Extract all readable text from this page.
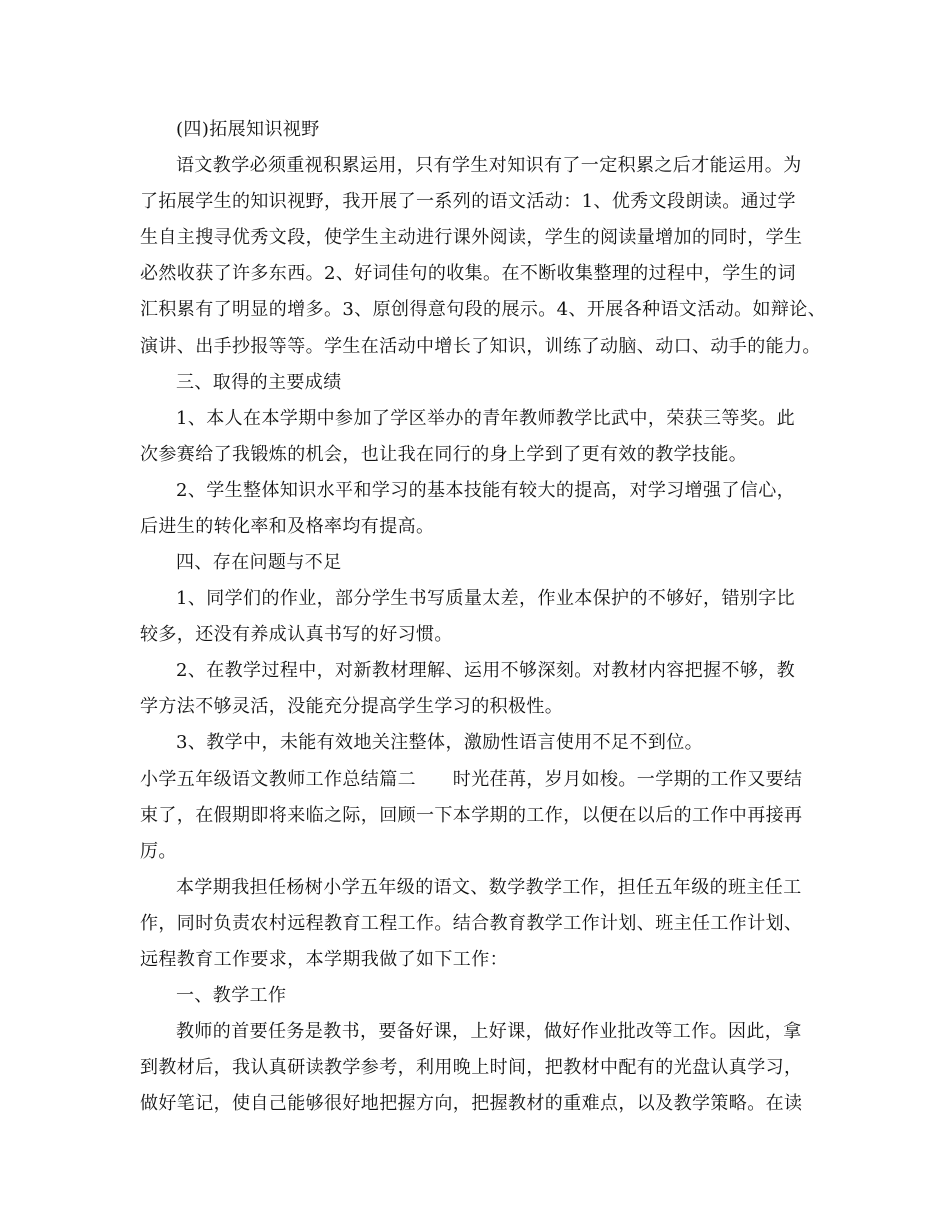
(四)拓展知识视野
语文教学必须重视积累运用，只有学生对知识有了一定积累之后才能运用。为
了拓展学生的知识视野，我开展了一系列的语文活动：1、优秀文段朗读。通过学
生自主搜寻优秀文段，使学生主动进行课外阅读，学生的阅读量增加的同时，学生
必然收获了许多东西。2、好词佳句的收集。在不断收集整理的过程中，学生的词
汇积累有了明显的增多。3、原创得意句段的展示。4、开展各种语文活动。如辩论、
演讲、出手抄报等等。学生在活动中增长了知识，训练了动脑、动口、动手的能力。
三、取得的主要成绩
1、本人在本学期中参加了学区举办的青年教师教学比武中，荣获三等奖。此
次参赛给了我锻炼的机会，也让我在同行的身上学到了更有效的教学技能。
2、学生整体知识水平和学习的基本技能有较大的提高，对学习增强了信心，
后进生的转化率和及格率均有提高。
四、存在问题与不足
1、同学们的作业，部分学生书写质量太差，作业本保护的不够好，错别字比
较多，还没有养成认真书写的好习惯。
2、在教学过程中，对新教材理解、运用不够深刻。对教材内容把握不够，教
学方法不够灵活，没能充分提高学生学习的积极性。
3、教学中，未能有效地关注整体，激励性语言使用不足不到位。
小学五年级语文教师工作总结篇二　　时光荏苒，岁月如梭。一学期的工作又要结
束了，在假期即将来临之际，回顾一下本学期的工作，以便在以后的工作中再接再
厉。
本学期我担任杨树小学五年级的语文、数学教学工作，担任五年级的班主任工
作，同时负责农村远程教育工程工作。结合教育教学工作计划、班主任工作计划、
远程教育工作要求，本学期我做了如下工作：
一、教学工作
教师的首要任务是教书，要备好课，上好课，做好作业批改等工作。因此，拿
到教材后，我认真研读教学参考，利用晚上时间，把教材中配有的光盘认真学习，
做好笔记，使自己能够很好地把握方向，把握教材的重难点，以及教学策略。在读
